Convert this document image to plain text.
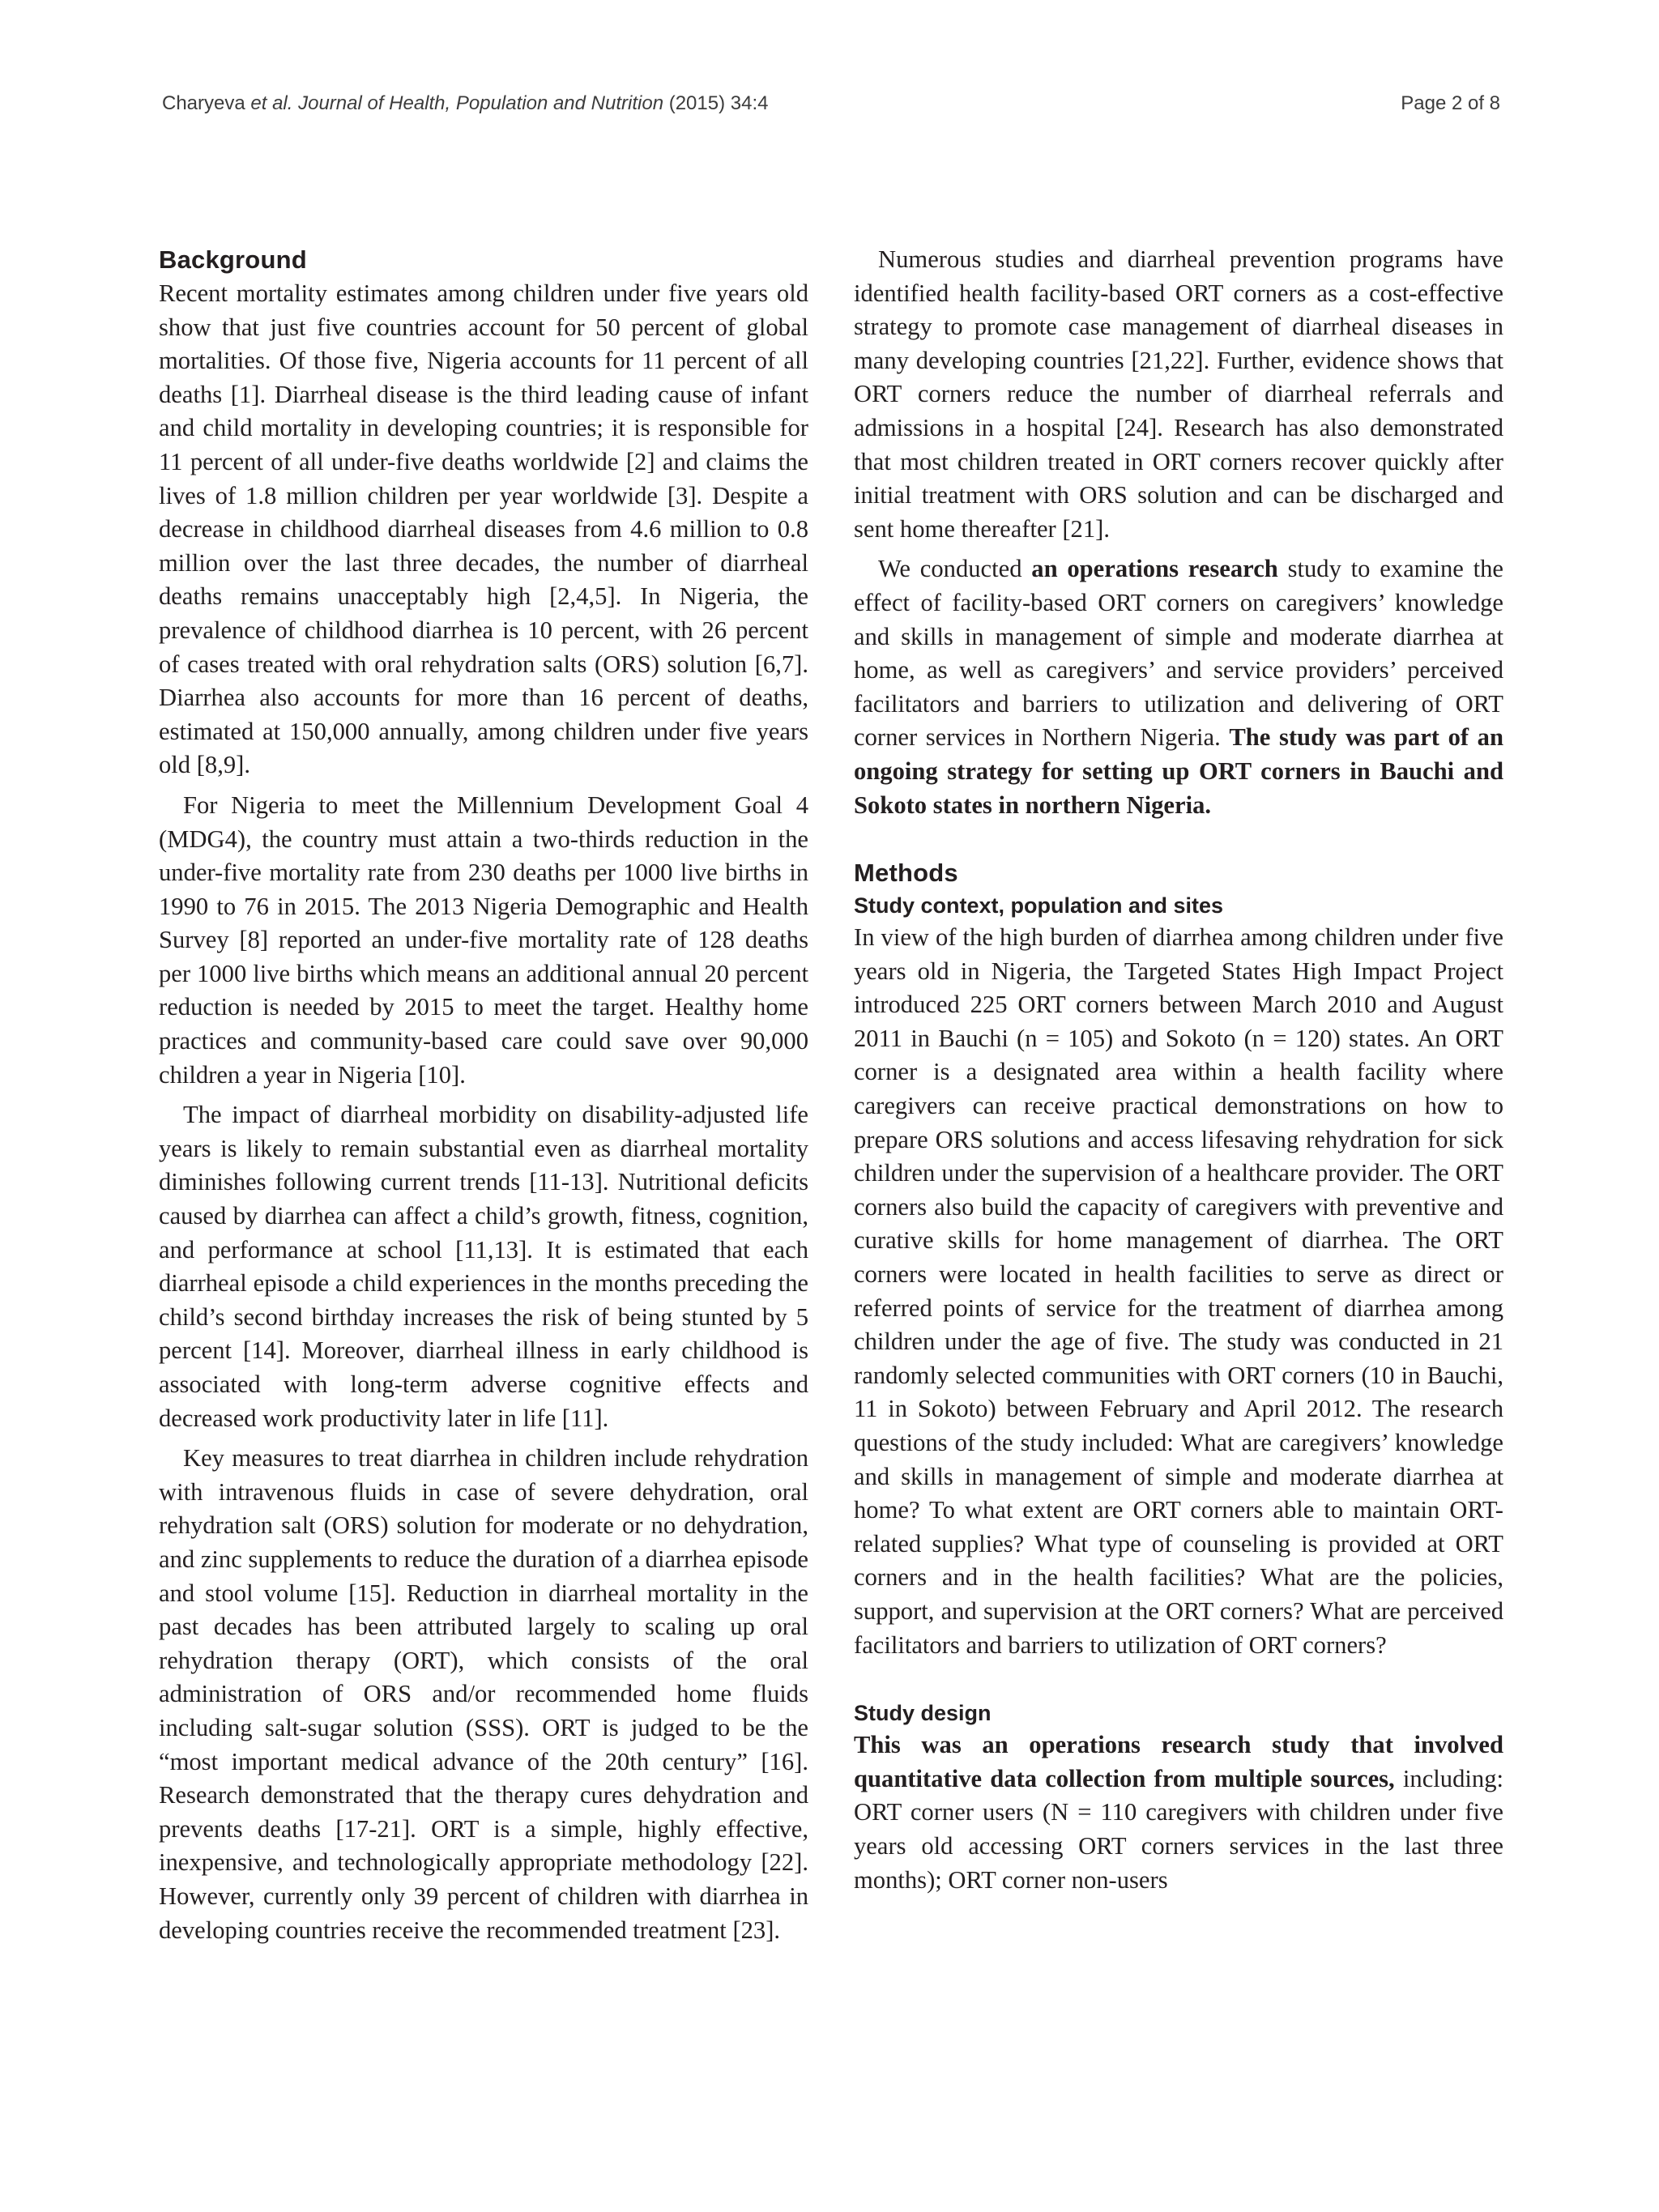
Charyeva et al. Journal of Health, Population and Nutrition (2015) 34:4	Page 2 of 8
Background

Recent mortality estimates among children under five years old show that just five countries account for 50 percent of global mortalities. Of those five, Nigeria accounts for 11 percent of all deaths [1]. Diarrheal disease is the third leading cause of infant and child mortality in developing countries; it is responsible for 11 percent of all under-five deaths worldwide [2] and claims the lives of 1.8 million children per year worldwide [3]. Despite a decrease in childhood diarrheal diseases from 4.6 million to 0.8 million over the last three decades, the number of diarrheal deaths remains unacceptably high [2,4,5]. In Nigeria, the prevalence of childhood diarrhea is 10 percent, with 26 percent of cases treated with oral rehydration salts (ORS) solution [6,7]. Diarrhea also accounts for more than 16 percent of deaths, estimated at 150,000 annually, among children under five years old [8,9].

For Nigeria to meet the Millennium Development Goal 4 (MDG4), the country must attain a two-thirds reduction in the under-five mortality rate from 230 deaths per 1000 live births in 1990 to 76 in 2015. The 2013 Nigeria Demographic and Health Survey [8] reported an under-five mortality rate of 128 deaths per 1000 live births which means an additional annual 20 percent reduction is needed by 2015 to meet the target. Healthy home practices and community-based care could save over 90,000 children a year in Nigeria [10].

The impact of diarrheal morbidity on disability-adjusted life years is likely to remain substantial even as diarrheal mortality diminishes following current trends [11-13]. Nutritional deficits caused by diarrhea can affect a child’s growth, fitness, cognition, and performance at school [11,13]. It is estimated that each diarrheal episode a child experiences in the months preceding the child’s second birthday increases the risk of being stunted by 5 percent [14]. Moreover, diarrheal illness in early childhood is associated with long-term adverse cognitive effects and decreased work productivity later in life [11].

Key measures to treat diarrhea in children include rehydration with intravenous fluids in case of severe dehydration, oral rehydration salt (ORS) solution for moderate or no dehydration, and zinc supplements to reduce the duration of a diarrhea episode and stool volume [15]. Reduction in diarrheal mortality in the past decades has been attributed largely to scaling up oral rehydration therapy (ORT), which consists of the oral administration of ORS and/or recommended home fluids including salt-sugar solution (SSS). ORT is judged to be the “most important medical advance of the 20th century” [16]. Research demonstrated that the therapy cures dehydration and prevents deaths [17-21]. ORT is a simple, highly effective, inexpensive, and technologically appropriate methodology [22]. However, currently only 39 percent of children with diarrhea in developing countries receive the recommended treatment [23].

Numerous studies and diarrheal prevention programs have identified health facility-based ORT corners as a cost-effective strategy to promote case management of diarrheal diseases in many developing countries [21,22]. Further, evidence shows that ORT corners reduce the number of diarrheal referrals and admissions in a hospital [24]. Research has also demonstrated that most children treated in ORT corners recover quickly after initial treatment with ORS solution and can be discharged and sent home thereafter [21].

We conducted an operations research study to examine the effect of facility-based ORT corners on caregivers’ knowledge and skills in management of simple and moderate diarrhea at home, as well as caregivers’ and service providers’ perceived facilitators and barriers to utilization and delivering of ORT corner services in Northern Nigeria. The study was part of an ongoing strategy for setting up ORT corners in Bauchi and Sokoto states in northern Nigeria.

Methods
Study context, population and sites

In view of the high burden of diarrhea among children under five years old in Nigeria, the Targeted States High Impact Project introduced 225 ORT corners between March 2010 and August 2011 in Bauchi (n = 105) and Sokoto (n = 120) states. An ORT corner is a designated area within a health facility where caregivers can receive practical demonstrations on how to prepare ORS solutions and access lifesaving rehydration for sick children under the supervision of a healthcare provider. The ORT corners also build the capacity of caregivers with preventive and curative skills for home management of diarrhea. The ORT corners were located in health facilities to serve as direct or referred points of service for the treatment of diarrhea among children under the age of five. The study was conducted in 21 randomly selected communities with ORT corners (10 in Bauchi, 11 in Sokoto) between February and April 2012. The research questions of the study included: What are caregivers’ knowledge and skills in management of simple and moderate diarrhea at home? To what extent are ORT corners able to maintain ORT-related supplies? What type of counseling is provided at ORT corners and in the health facilities? What are the policies, support, and supervision at the ORT corners? What are perceived facilitators and barriers to utilization of ORT corners?

Study design

This was an operations research study that involved quantitative data collection from multiple sources, including: ORT corner users (N = 110 caregivers with children under five years old accessing ORT corners services in the last three months); ORT corner non-users
